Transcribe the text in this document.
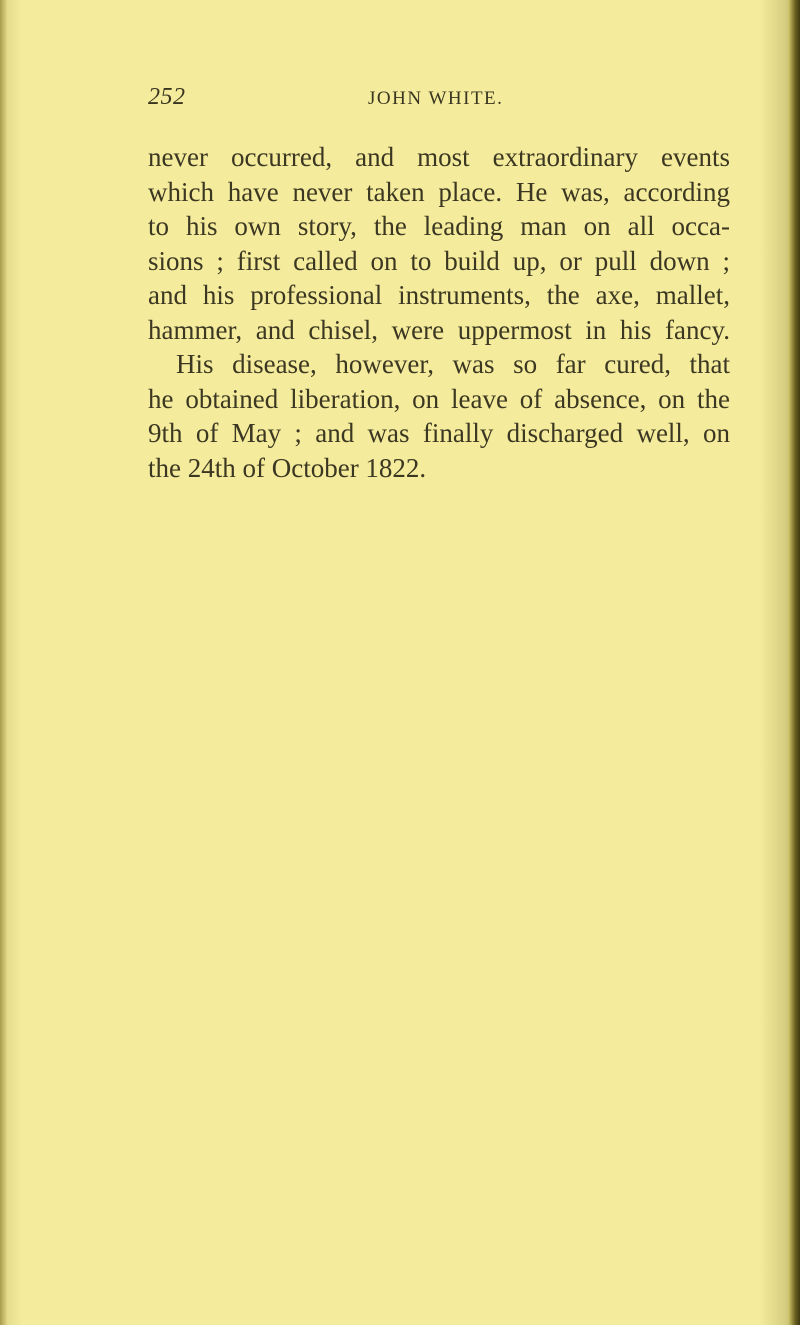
252	JOHN WHITE.
never occurred, and most extraordinary events
which have never taken place. He was, according
to his own story, the leading man on all occa-
sions ; first called on to build up, or pull down ;
and his professional instruments, the axe, mallet,
hammer, and chisel, were uppermost in his fancy.
His disease, however, was so far cured, that
he obtained liberation, on leave of absence, on the
9th of May ; and was finally discharged well, on
the 24th of October 1822.
